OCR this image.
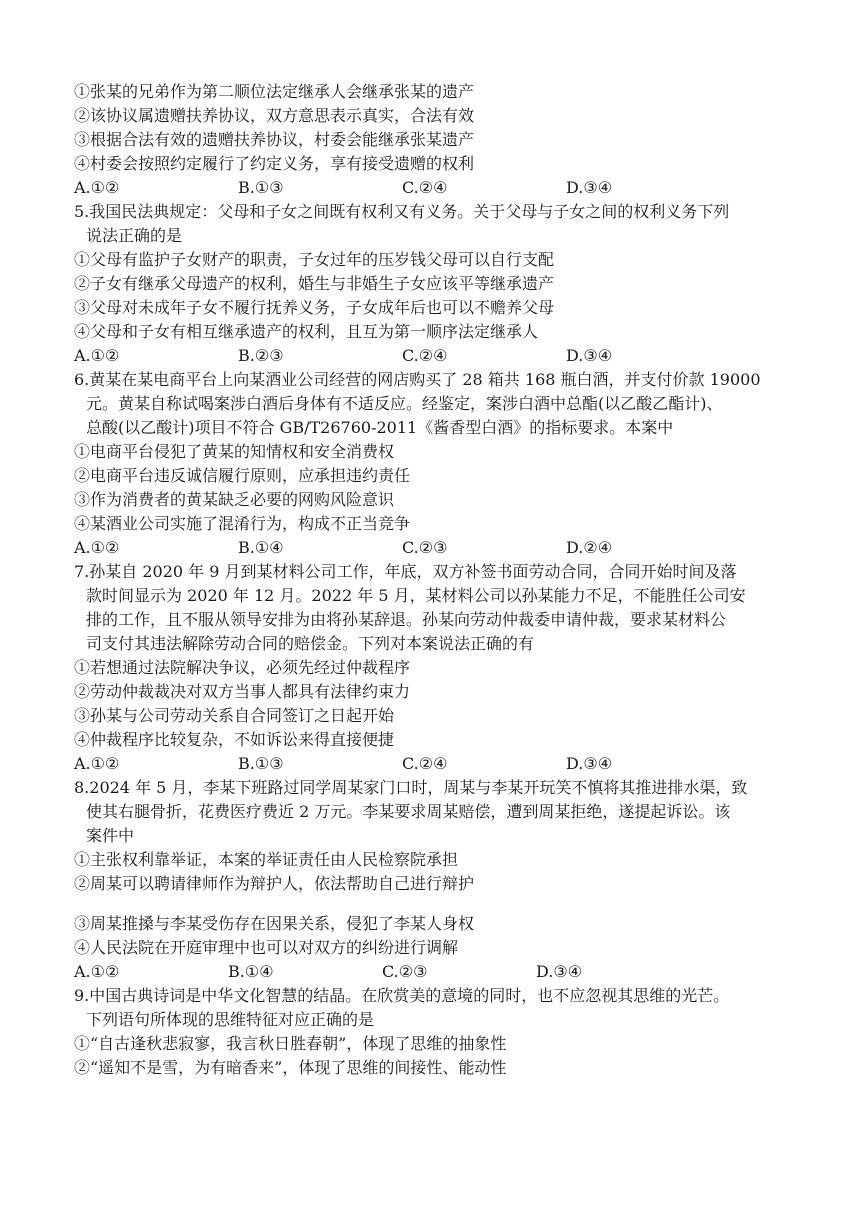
①张某的兄弟作为第二顺位法定继承人会继承张某的遗产
②该协议属遗赠扶养协议，双方意思表示真实，合法有效
③根据合法有效的遗赠扶养协议，村委会能继承张某遗产
④村委会按照约定履行了约定义务，享有接受遗赠的权利
A.①②	B.①③	C.②④	D.③④
5.我国民法典规定：父母和子女之间既有权利又有义务。关于父母与子女之间的权利义务下列
说法正确的是
①父母有监护子女财产的职责，子女过年的压岁钱父母可以自行支配
②子女有继承父母遗产的权利，婚生与非婚生子女应该平等继承遗产
③父母对未成年子女不履行抚养义务，子女成年后也可以不赡养父母
④父母和子女有相互继承遗产的权利，且互为第一顺序法定继承人
A.①②	B.②③	C.②④	D.③④
6.黄某在某电商平台上向某酒业公司经营的网店购买了 28 箱共 168 瓶白酒，并支付价款 19000
元。黄某自称试喝案涉白酒后身体有不适反应。经鉴定，案涉白酒中总酯(以乙酸乙酯计)、
总酸(以乙酸计)项目不符合 GB/T26760-2011《酱香型白酒》的指标要求。本案中
①电商平台侵犯了黄某的知情权和安全消费权
②电商平台违反诚信履行原则，应承担违约责任
③作为消费者的黄某缺乏必要的网购风险意识
④某酒业公司实施了混淆行为，构成不正当竞争
A.①②	B.①④	C.②③	D.②④
7.孙某自 2020 年 9 月到某材料公司工作，年底，双方补签书面劳动合同，合同开始时间及落
款时间显示为 2020 年 12 月。2022 年 5 月，某材料公司以孙某能力不足，不能胜任公司安
排的工作，且不服从领导安排为由将孙某辞退。孙某向劳动仲裁委申请仲裁，要求某材料公
司支付其违法解除劳动合同的赔偿金。下列对本案说法正确的有
①若想通过法院解决争议，必须先经过仲裁程序
②劳动仲裁裁决对双方当事人都具有法律约束力
③孙某与公司劳动关系自合同签订之日起开始
④仲裁程序比较复杂，不如诉讼来得直接便捷
A.①②	B.①③	C.②④	D.③④
8.2024 年 5 月，李某下班路过同学周某家门口时，周某与李某开玩笑不慎将其推进排水渠，致
使其右腿骨折，花费医疗费近 2 万元。李某要求周某赔偿，遭到周某拒绝，遂提起诉讼。该
案件中
①主张权利靠举证，本案的举证责任由人民检察院承担
②周某可以聘请律师作为辩护人，依法帮助自己进行辩护
③周某推搡与李某受伤存在因果关系，侵犯了李某人身权
④人民法院在开庭审理中也可以对双方的纠纷进行调解
A.①②	B.①④	C.②③	D.③④
9.中国古典诗词是中华文化智慧的结晶。在欣赏美的意境的同时，也不应忽视其思维的光芒。
下列语句所体现的思维特征对应正确的是
①“自古逢秋悲寂寥，我言秋日胜春朝”，体现了思维的抽象性
②“遥知不是雪，为有暗香来”，体现了思维的间接性、能动性
